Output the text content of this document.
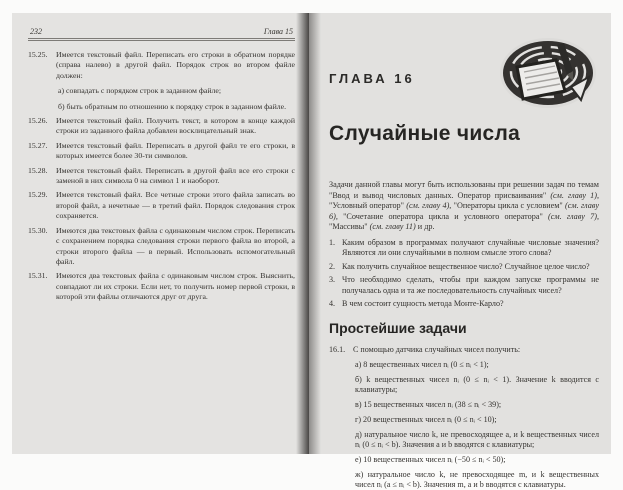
232	Глава 15
15.25.	Имеется текстовый файл. Переписать его строки в обратном порядке (справа налево) в другой файл. Порядок строк во втором файле должен:
а) совпадать с порядком строк в заданном файле;
б) быть обратным по отношению к порядку строк в заданном файле.
15.26.	Имеется текстовый файл. Получить текст, в котором в конце каждой строки из заданного файла добавлен восклицательный знак.
15.27.	Имеется текстовый файл. Переписать в другой файл те его строки, в которых имеется более 30-ти символов.
15.28.	Имеется текстовый файл. Переписать в другой файл все его строки с заменой в них символа 0 на символ 1 и наоборот.
15.29.	Имеется текстовый файл. Все четные строки этого файла записать во второй файл, а нечетные — в третий файл. Порядок следования строк сохраняется.
15.30.	Имеются два текстовых файла с одинаковым числом строк. Переписать с сохранением порядка следования строки первого файла во второй, а строки второго файла — в первый. Использовать вспомогательный файл.
15.31.	Имеются два текстовых файла с одинаковым числом строк. Выяснить, совпадают ли их строки. Если нет, то получить номер первой строки, в которой эти файлы отличаются друг от друга.
ГЛАВА 16
Случайные числа

Задачи данной главы могут быть использованы при решении задач по темам "Ввод и вывод числовых данных. Оператор присваивания" (см. главу 1), "Условный оператор" (см. главу 4), "Операторы цикла с условием" (см. главу 6), "Сочетание оператора цикла и условного оператора" (см. главу 7), "Массивы" (см. главу 11) и др.

1. Каким образом в программах получают случайные числовые значения? Являются ли они случайными в полном смысле этого слова?
2. Как получить случайное вещественное число? Случайное целое число?
3. Что необходимо сделать, чтобы при каждом запуске программы не получалась одна и та же последовательность случайных чисел?
4. В чем состоит сущность метода Монте-Карло?
Простейшие задачи
16.1. С помощью датчика случайных чисел получить:

а) 8 вещественных чисел nᵢ (0 ≤ nᵢ < 1);

б) k вещественных чисел nᵢ (0 ≤ nᵢ < 1). Значение k вводится с клавиатуры;

в) 15 вещественных чисел nᵢ (38 ≤ nᵢ < 39);

г) 20 вещественных чисел nᵢ (0 ≤ nᵢ < 10);

д) натуральное число k, не превосходящее a, и k вещественных чисел nᵢ (0 ≤ nᵢ < b). Значения a и b вводятся с клавиатуры;

е) 10 вещественных чисел nᵢ (−50 ≤ nᵢ < 50);

ж) натуральное число k, не превосходящее m, и k вещественных чисел nᵢ (a ≤ nᵢ < b). Значения m, a и b вводятся с клавиатуры.
